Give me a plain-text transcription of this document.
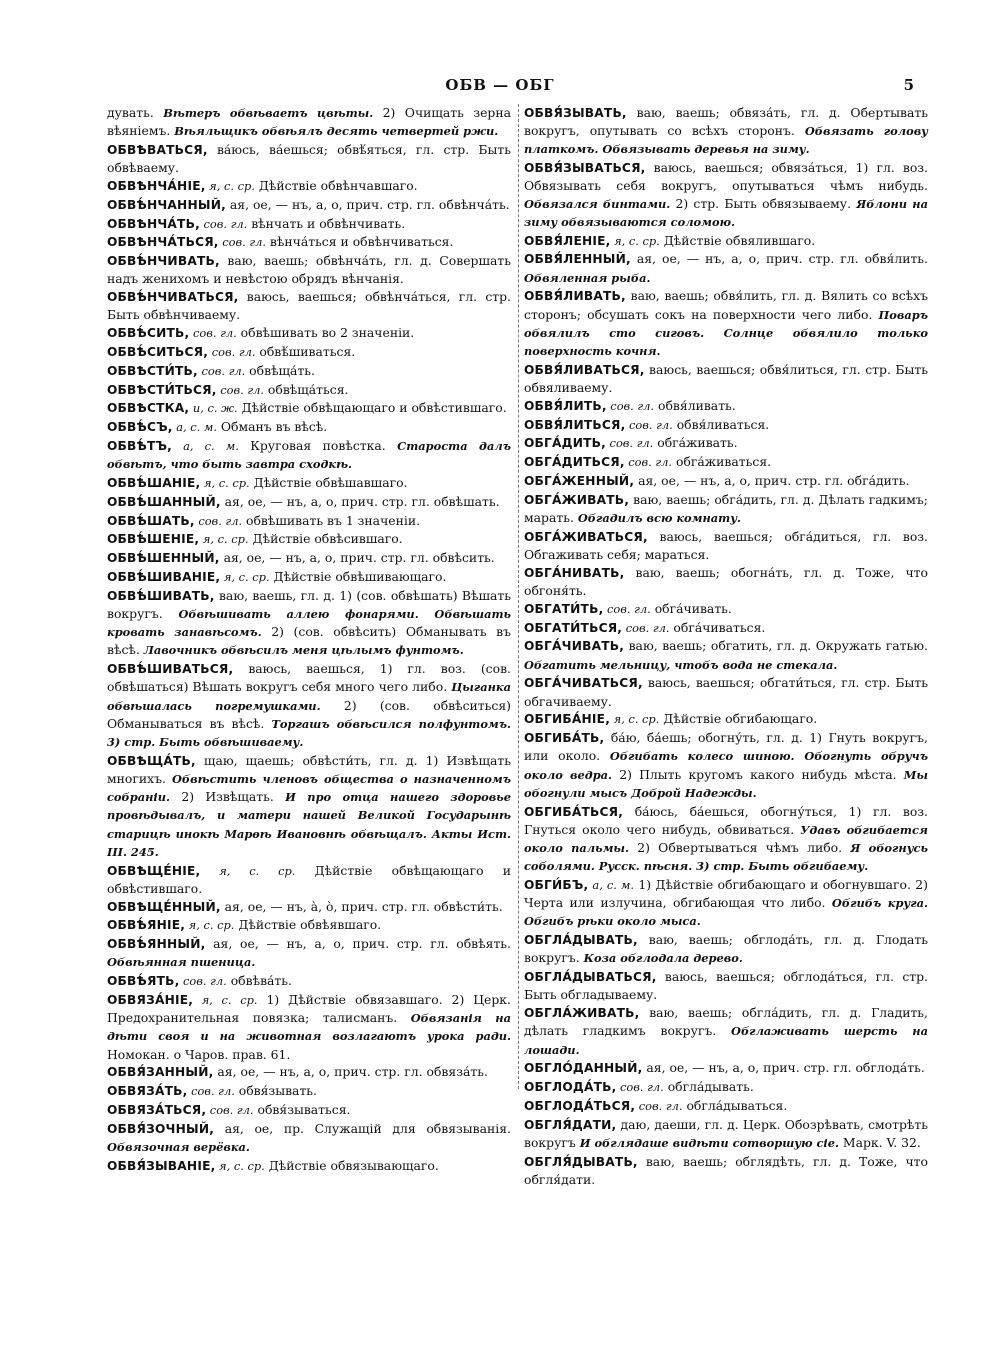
ОБВ — ОБГ	5
дувать. Вѣтеръ обвѣваетъ цвѣты. 2) Очищать зерна вѣяніемъ. Вѣяльщикъ обвѣялъ десять четвертей ржи.
ОБВѢВАТЬСЯ, ва́юсь, ва́ешься; обвѣ́яться, гл. стр. Быть обвѣваему.
ОБВѢНЧА́НІЕ, я, с. ср. Дѣйствіе обвѣнчавшаго.
ОБВѢ́НЧАННЫЙ, ая, ое, — нъ, а, о, прич. стр. гл. обвѣнча́ть.
ОБВѢНЧА́ТЬ, сов. гл. вѣнчать и обвѣнчивать.
ОБВѢНЧА́ТЬСЯ, сов. гл. вѣнча́ться и обвѣнчиваться.
ОБВѢ́НЧИВАТЬ, ваю, ваешь; обвѣнча́ть, гл. д. Совершать надъ женихомъ и невѣстою обрядъ вѣнчанія.
ОБВѢ́НЧИВАТЬСЯ, ваюсь, ваешься; обвѣнча́ться, гл. стр. Быть обвѣнчиваему.
ОБВѢ́СИТЬ, сов. гл. обвѣшивать во 2 значеніи.
ОБВѢ́СИТЬСЯ, сов. гл. обвѣ́шиваться.
ОБВѢСТИ́ТЬ, сов. гл. обвѣща́ть.
ОБВѢСТИ́ТЬСЯ, сов. гл. обвѣща́ться.
ОБВѢСТКА, и, с. ж. Дѣйствіе обвѣщающаго и обвѣстившаго.
ОБВѢ́СЪ, а, с. м. Обманъ въ вѣсѣ.
ОБВѢ́ТЪ, а, с. м. Круговая повѣстка. Староста далъ обвѣтъ, что быть завтра сходкѣ.
ОБВѢ́ШАНІЕ, я, с. ср. Дѣйствіе обвѣшавшаго.
ОБВѢ́ШАННЫЙ, ая, ое, — нъ, а, о, прич. стр. гл. обвѣшать.
ОБВѢ́ШАТЬ, сов. гл. обвѣшивать въ 1 значеніи.
ОБВѢ́ШЕНІЕ, я, с. ср. Дѣйствіе обвѣсившаго.
ОБВѢ́ШЕННЫЙ, ая, ое, — нъ, а, о, прич. стр. гл. обвѣсить.
ОБВѢ́ШИВАНІЕ, я, с. ср. Дѣйствіе обвѣшивающаго.
ОБВѢ́ШИВАТЬ, ваю, ваешь, гл. д. 1) (сов. обвѣшать) Вѣшать вокругъ. Обвѣшивать аллею фонарями. Обвѣшать кровать занавѣсомъ. 2) (сов. обвѣсить) Обманывать въ вѣсѣ. Лавочникъ обвѣсилъ меня цѣлымъ фунтомъ.
ОБВѢ́ШИВАТЬСЯ, ваюсь, ваешься, 1) гл. воз. (сов. обвѣшаться) Вѣшать вокругъ себя много чего либо. Цыганка обвѣшалась погремушками. 2) (сов. обвѣситься) Обманываться въ вѣсѣ. Торгашъ обвѣсился полфунтомъ. 3) стр. Быть обвѣшиваему.
ОБВѢЩА́ТЬ, щаю, щаешь; обвѣсти́ть, гл. д. 1) Извѣщать многихъ. Обвѣстить членовъ общества о назначенномъ собраніи. 2) Извѣщать. И про отца нашего здоровье провѣдывалъ, и матери нашей Великой Государынѣ старицѣ инокѣ Марѳѣ Ивановнѣ обвѣщалъ. Акты Ист. III. 245.
ОБВѢЩЕ́НІЕ, я, с. ср. Дѣйствіе обвѣщающаго и обвѣстившаго.
ОБВѢЩЕ́ННЫЙ, ая, ое, — нъ, а̀, о̀, прич. стр. гл. обвѣсти́ть.
ОБВѢ́ЯНІЕ, я, с. ср. Дѣйствіе обвѣявшаго.
ОБВѢ́ЯННЫЙ, ая, ое, — нъ, а, о, прич. стр. гл. обвѣять. Обвѣянная пшеница.
ОБВѢ́ЯТЬ, сов. гл. обвѣва́ть.
ОБВЯЗА́НІЕ, я, с. ср. 1) Дѣйствіе обвязавшаго. 2) Церк. Предохранительная повязка; талисманъ. Обвязанія на дѣти своя и на животная возлагаютъ урока ради. Номокан. о Чаров. прав. 61.
ОБВЯ́ЗАННЫЙ, ая, ое, — нъ, а, о, прич. стр. гл. обвяза́ть.
ОБВЯЗА́ТЬ, сов. гл. обвя́зывать.
ОБВЯЗА́ТЬСЯ, сов. гл. обвя́зываться.
ОБВЯ́ЗОЧНЫЙ, ая, ое, пр. Служащій для обвязыванія. Обвязочная верёвка.
ОБВЯ́ЗЫВАНІЕ, я, с. ср. Дѣйствіе обвязывающаго.
ОБВЯ́ЗЫВАТЬ, ваю, ваешь; обвяза́ть, гл. д. Обертывать вокругъ, опутывать со всѣхъ сторонъ. Обвязать голову платкомъ. Обвязывать деревья на зиму.
ОБВЯ́ЗЫВАТЬСЯ, ваюсь, ваешься; обвяза́ться, 1) гл. воз. Обвязывать себя вокругъ, опутываться чѣмъ нибудь. Обвязался бинтами. 2) стр. Быть обвязываему. Яблони на зиму обвязываются соломою.
ОБВЯ́ЛЕНІЕ, я, с. ср. Дѣйствіе обвялившаго.
ОБВЯ́ЛЕННЫЙ, ая, ое, — нъ, а, о, прич. стр. гл. обвя́лить. Обвяленная рыба.
ОБВЯ́ЛИВАТЬ, ваю, ваешь; обвя́лить, гл. д. Вялить со всѣхъ сторонъ; обсушать сокъ на поверхности чего либо. Поваръ обвялилъ сто сиговъ. Солнце обвялило только поверхность кочня.
ОБВЯ́ЛИВАТЬСЯ, ваюсь, ваешься; обвя́литься, гл. стр. Быть обвяливаему.
ОБВЯ́ЛИТЬ, сов. гл. обвя́ливать.
ОБВЯ́ЛИТЬСЯ, сов. гл. обвя́ливаться.
ОБГА́ДИТЬ, сов. гл. обга́живать.
ОБГА́ДИТЬСЯ, сов. гл. обга́живаться.
ОБГА́ЖЕННЫЙ, ая, ое, — нъ, а, о, прич. стр. гл. обга́дить.
ОБГА́ЖИВАТЬ, ваю, ваешь; обга́дить, гл. д. Дѣлать гадкимъ; марать. Обгадилъ всю комнату.
ОБГА́ЖИВАТЬСЯ, ваюсь, ваешься; обга́диться, гл. воз. Обгаживать себя; мараться.
ОБГА́НИВАТЬ, ваю, ваешь; обогна́ть, гл. д. Тоже, что обгоня́ть.
ОБГАТИ́ТЬ, сов. гл. обга́чивать.
ОБГАТИ́ТЬСЯ, сов. гл. обга́чиваться.
ОБГА́ЧИВАТЬ, ваю, ваешь; обгатить, гл. д. Окружать гатью. Обгатить мельницу, чтобъ вода не стекала.
ОБГА́ЧИВАТЬСЯ, ваюсь, ваешься; обгати́ться, гл. стр. Быть обгачиваему.
ОБГИБА́НІЕ, я, с. ср. Дѣйствіе обгибающаго.
ОБГИБА́ТЬ, ба́ю, ба́ешь; обогну́ть, гл. д. 1) Гнуть вокругъ, или около. Обгибать колесо шиною. Обогнуть обручъ около ведра. 2) Плыть кругомъ какого нибудь мѣста. Мы обогнули мысъ Доброй Надежды.
ОБГИБА́ТЬСЯ, ба́юсь, ба́ешься, обогну́ться, 1) гл. воз. Гнуться около чего нибудь, обвиваться. Удавъ обгибается около пальмы. 2) Обвертываться чѣмъ либо. Я обогнусь соболями. Русск. пѣсня. 3) стр. Быть обгибаему.
ОБГИ́БЪ, а, с. м. 1) Дѣйствіе обгибающаго и обогнувшаго. 2) Черта или излучина, обгибающая что либо. Обгибъ круга. Обгибъ рѣки около мыса.
ОБГЛА́ДЫВАТЬ, ваю, ваешь; обглода́ть, гл. д. Глодать вокругъ. Коза обглодала дерево.
ОБГЛА́ДЫВАТЬСЯ, ваюсь, ваешься; обглода́ться, гл. стр. Быть обгладываему.
ОБГЛА́ЖИВАТЬ, ваю, ваешь; обгла́дить, гл. д. Гладить, дѣлать гладкимъ вокругъ. Обглаживать шерсть на лошади.
ОБГЛО́ДАННЫЙ, ая, ое, — нъ, а, о, прич. стр. гл. обглода́ть.
ОБГЛОДА́ТЬ, сов. гл. обгла́дывать.
ОБГЛОДА́ТЬСЯ, сов. гл. обгла́дываться.
ОБГЛЯ́ДАТИ, даю, даеши, гл. д. Церк. Обозрѣвать, смотрѣть вокругъ И обглядаше видѣти сотворшую сіе. Марк. V. 32.
ОБГЛЯ́ДЫВАТЬ, ваю, ваешь; обглядѣть, гл. д. Тоже, что обгля́дати.
